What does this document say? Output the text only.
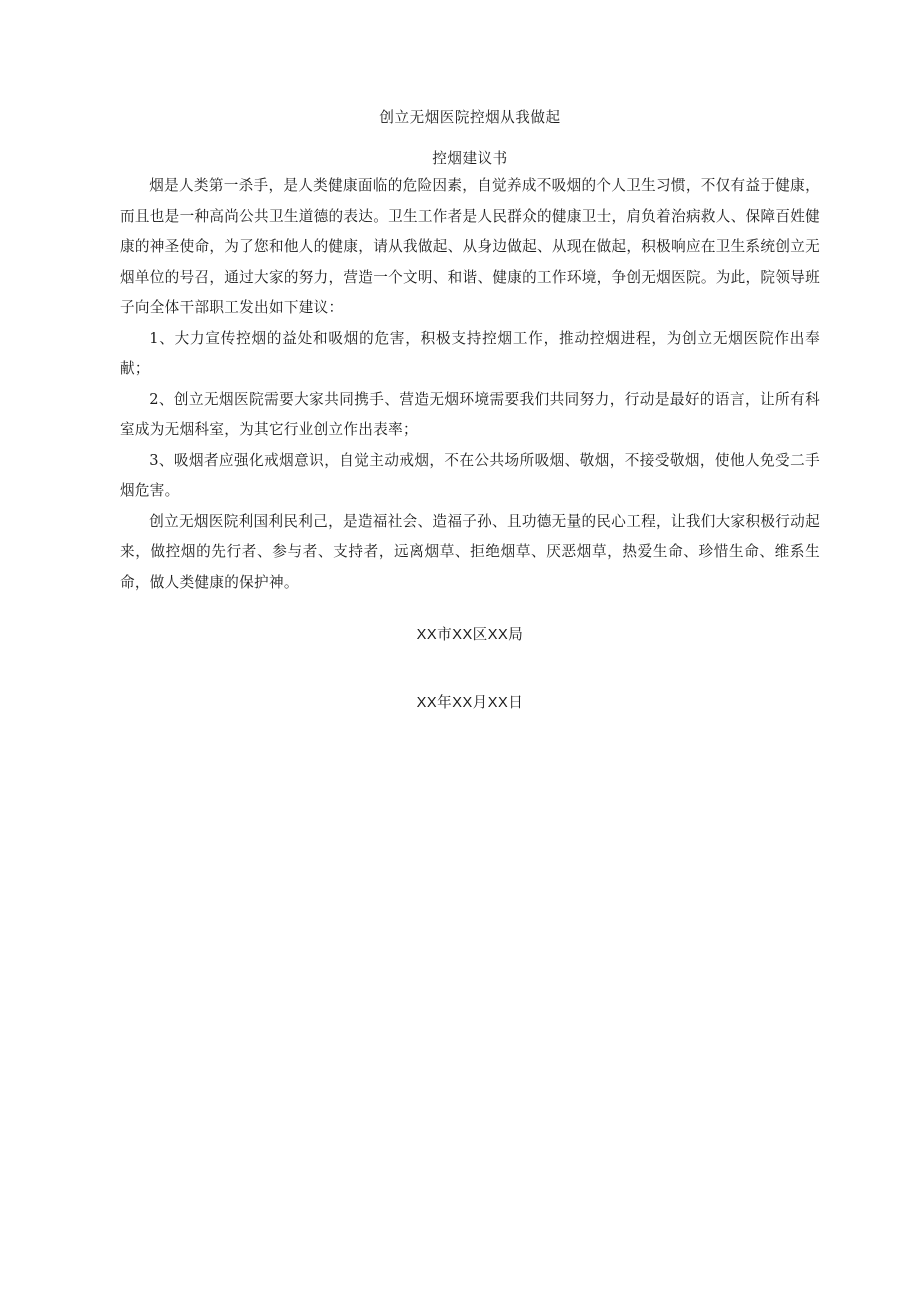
创立无烟医院控烟从我做起
控烟建议书

烟是人类第一杀手，是人类健康面临的危险因素，自觉养成不吸烟的个人卫生习惯，不仅有益于健康，而且也是一种高尚公共卫生道德的表达。卫生工作者是人民群众的健康卫士，肩负着治病救人、保障百姓健康的神圣使命，为了您和他人的健康，请从我做起、从身边做起、从现在做起，积极响应在卫生系统创立无烟单位的号召，通过大家的努力，营造一个文明、和谐、健康的工作环境，争创无烟医院。为此，院领导班子向全体干部职工发出如下建议：

1、大力宣传控烟的益处和吸烟的危害，积极支持控烟工作，推动控烟进程，为创立无烟医院作出奉献；

2、创立无烟医院需要大家共同携手、营造无烟环境需要我们共同努力，行动是最好的语言，让所有科室成为无烟科室，为其它行业创立作出表率；

3、吸烟者应强化戒烟意识，自觉主动戒烟，不在公共场所吸烟、敬烟，不接受敬烟，使他人免受二手烟危害。

创立无烟医院利国利民利己，是造福社会、造福子孙、且功德无量的民心工程，让我们大家积极行动起来，做控烟的先行者、参与者、支持者，远离烟草、拒绝烟草、厌恶烟草，热爱生命、珍惜生命、维系生命，做人类健康的保护神。

XX市XX区XX局

XX年XX月XX日
